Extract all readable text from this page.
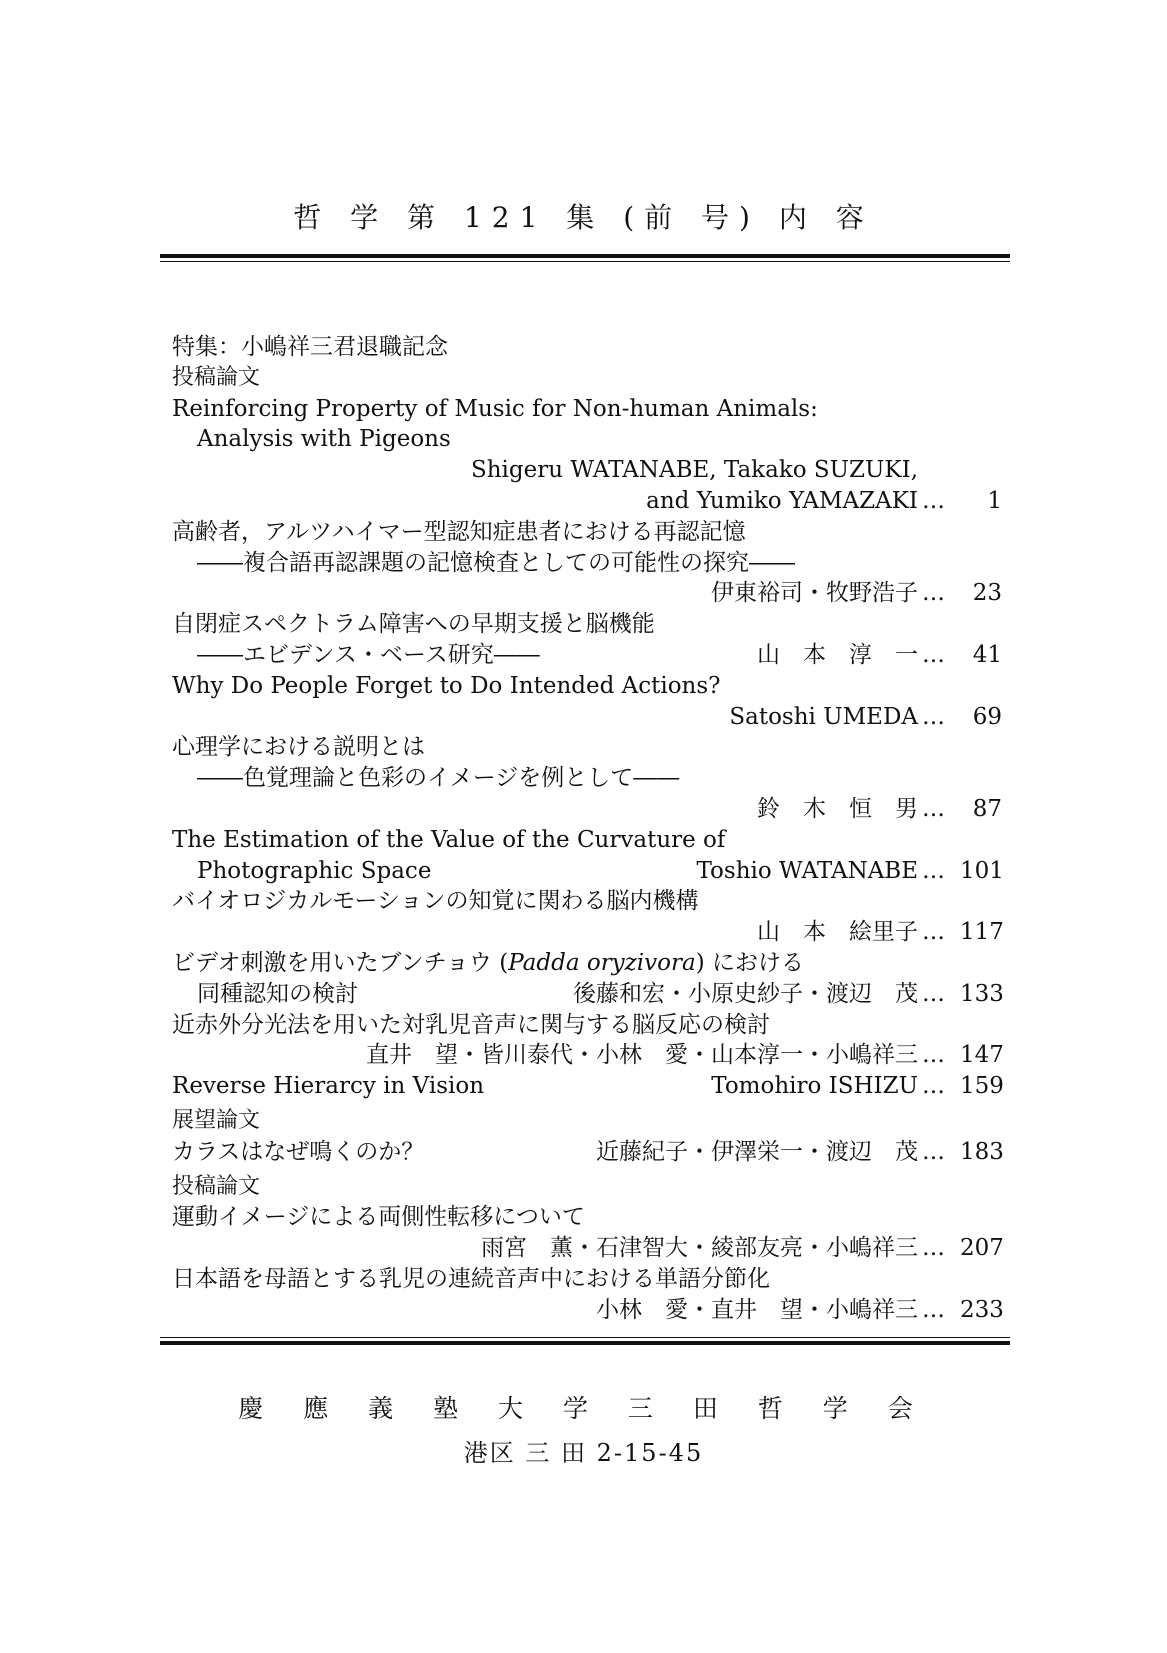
哲 学 第 121 集 (前 号) 内 容
特集：小嶋祥三君退職記念
投稿論文
Reinforcing Property of Music for Non-human Animals:
Analysis with Pigeons
Shigeru WATANABE, Takako SUZUKI,
and Yumiko YAMAZAKI …	1
高齢者，アルツハイマー型認知症患者における再認記憶
――複合語再認課題の記憶検査としての可能性の探究――
伊東裕司・牧野浩子 …	23
自閉症スペクトラム障害への早期支援と脳機能
――エビデンス・ベース研究――	山　本　淳　一 …	41
Why Do People Forget to Do Intended Actions?
Satoshi UMEDA …	69
心理学における説明とは
――色覚理論と色彩のイメージを例として――
鈴　木　恒　男 …	87
The Estimation of the Value of the Curvature of
Photographic Space	Toshio WATANABE … 101
バイオロジカルモーションの知覚に関わる脳内機構
山　本　絵里子 … 117
ビデオ刺激を用いたブンチョウ (Padda oryzivora) における
同種認知の検討	後藤和宏・小原史紗子・渡辺　茂 … 133
近赤外分光法を用いた対乳児音声に関与する脳反応の検討
直井　望・皆川泰代・小林　愛・山本淳一・小嶋祥三 … 147
Reverse Hierarcy in Vision	Tomohiro ISHIZU … 159
展望論文
カラスはなぜ鳴くのか？	近藤紀子・伊澤栄一・渡辺　茂 … 183
投稿論文
運動イメージによる両側性転移について
雨宮　薫・石津智大・綾部友亮・小嶋祥三 … 207
日本語を母語とする乳児の連続音声中における単語分節化
小林　愛・直井　望・小嶋祥三 … 233
慶 應 義 塾 大 学 三 田 哲 学 会
港区 三 田 2-15-45
